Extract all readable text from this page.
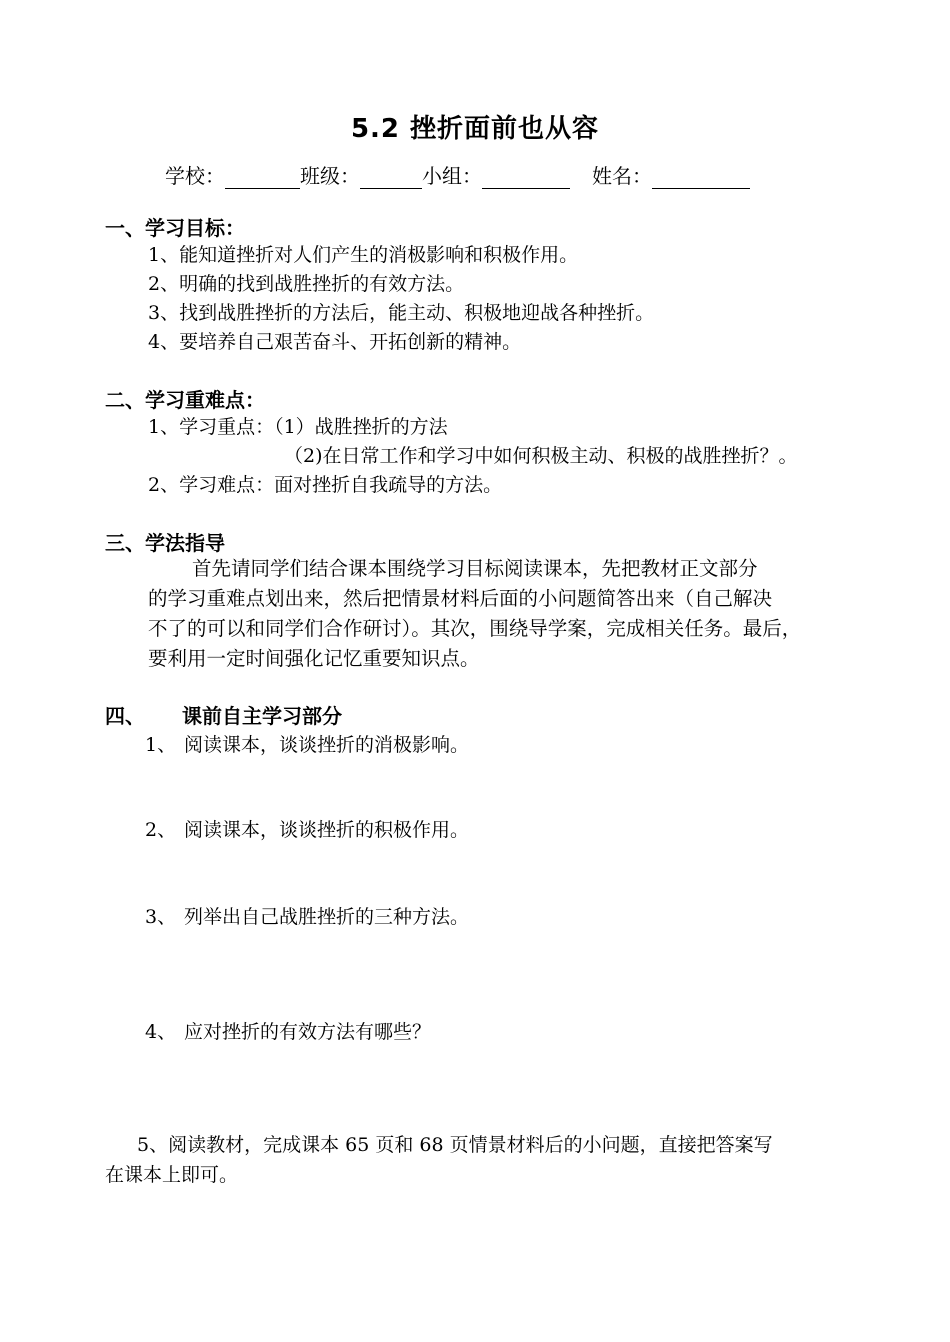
5.2 挫折面前也从容
学校：	班级：	小组：	姓名：
一、学习目标：
1、能知道挫折对人们产生的消极影响和积极作用。
2、明确的找到战胜挫折的有效方法。
3、找到战胜挫折的方法后，能主动、积极地迎战各种挫折。
4、要培养自己艰苦奋斗、开拓创新的精神。
二、学习重难点：
1、学习重点：（1）战胜挫折的方法
（2)在日常工作和学习中如何积极主动、积极的战胜挫折？。
2、学习难点：面对挫折自我疏导的方法。
三、学法指导
首先请同学们结合课本围绕学习目标阅读课本，先把教材正文部分
的学习重难点划出来，然后把情景材料后面的小问题简答出来（自己解决
不了的可以和同学们合作研讨）。其次，围绕导学案，完成相关任务。最后，
要利用一定时间强化记忆重要知识点。
四、 课前自主学习部分
1、 阅读课本，谈谈挫折的消极影响。
2、 阅读课本，谈谈挫折的积极作用。
3、 列举出自己战胜挫折的三种方法。
4、 应对挫折的有效方法有哪些？
5、阅读教材，完成课本 65 页和 68 页情景材料后的小问题，直接把答案写
在课本上即可。
